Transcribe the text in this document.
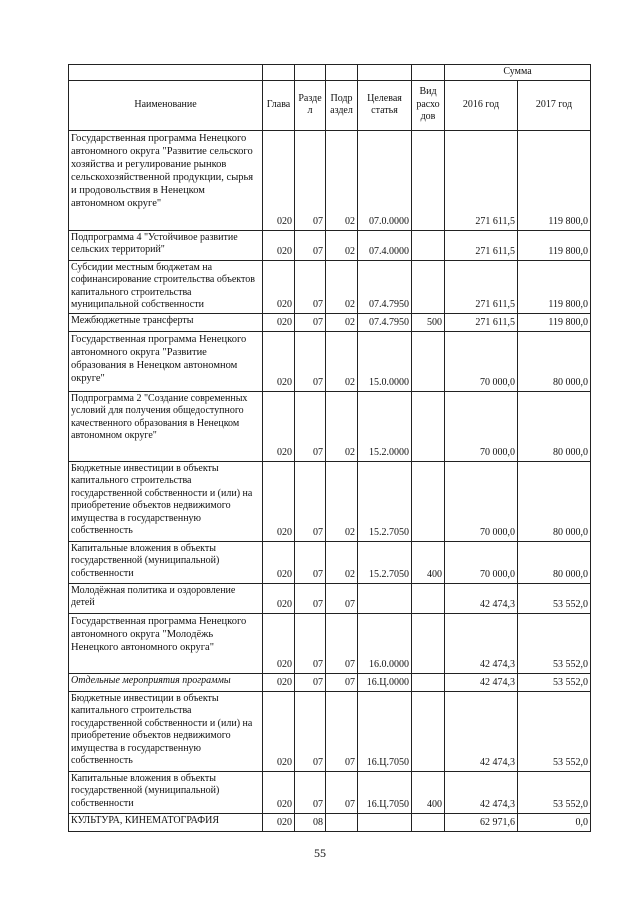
						Сумма	
Наименование	Глава	Разде л	Подр аздел	Целевая статья	Вид расхо дов	2016 год	2017 год
Государственная программа Ненецкого автономного округа "Развитие сельского хозяйства и регулирование рынков сельскохозяйственной продукции, сырья и продовольствия в Ненецком автономном округе"	020	07	02	07.0.0000		271 611,5	119 800,0
Подпрограмма 4 "Устойчивое развитие сельских территорий"	020	07	02	07.4.0000		271 611,5	119 800,0
Субсидии местным бюджетам на софинансирование строительства объектов капитального строительства муниципальной собственности	020	07	02	07.4.7950		271 611,5	119 800,0
Межбюджетные трансферты	020	07	02	07.4.7950	500	271 611,5	119 800,0
Государственная программа Ненецкого автономного округа "Развитие образования в Ненецком автономном округе"	020	07	02	15.0.0000		70 000,0	80 000,0
Подпрограмма 2 "Создание современных условий для получения общедоступного качественного образования в Ненецком автономном округе"	020	07	02	15.2.0000		70 000,0	80 000,0
Бюджетные инвестиции в объекты капитального строительства государственной собственности и (или) на приобретение объектов недвижимого имущества в государственную собственность	020	07	02	15.2.7050		70 000,0	80 000,0
Капитальные вложения в объекты государственной (муниципальной) собственности	020	07	02	15.2.7050	400	70 000,0	80 000,0
Молодёжная политика и оздоровление детей	020	07	07			42 474,3	53 552,0
Государственная программа Ненецкого автономного округа "Молодёжь Ненецкого автономного округа"	020	07	07	16.0.0000		42 474,3	53 552,0
Отдельные мероприятия программы	020	07	07	16.Ц.0000		42 474,3	53 552,0
Бюджетные инвестиции в объекты капитального строительства государственной собственности и (или) на приобретение объектов недвижимого имущества в государственную собственность	020	07	07	16.Ц.7050		42 474,3	53 552,0
Капитальные вложения в объекты государственной (муниципальной) собственности	020	07	07	16.Ц.7050	400	42 474,3	53 552,0
КУЛЬТУРА, КИНЕМАТОГРАФИЯ	020	08				62 971,6	0,0
55
